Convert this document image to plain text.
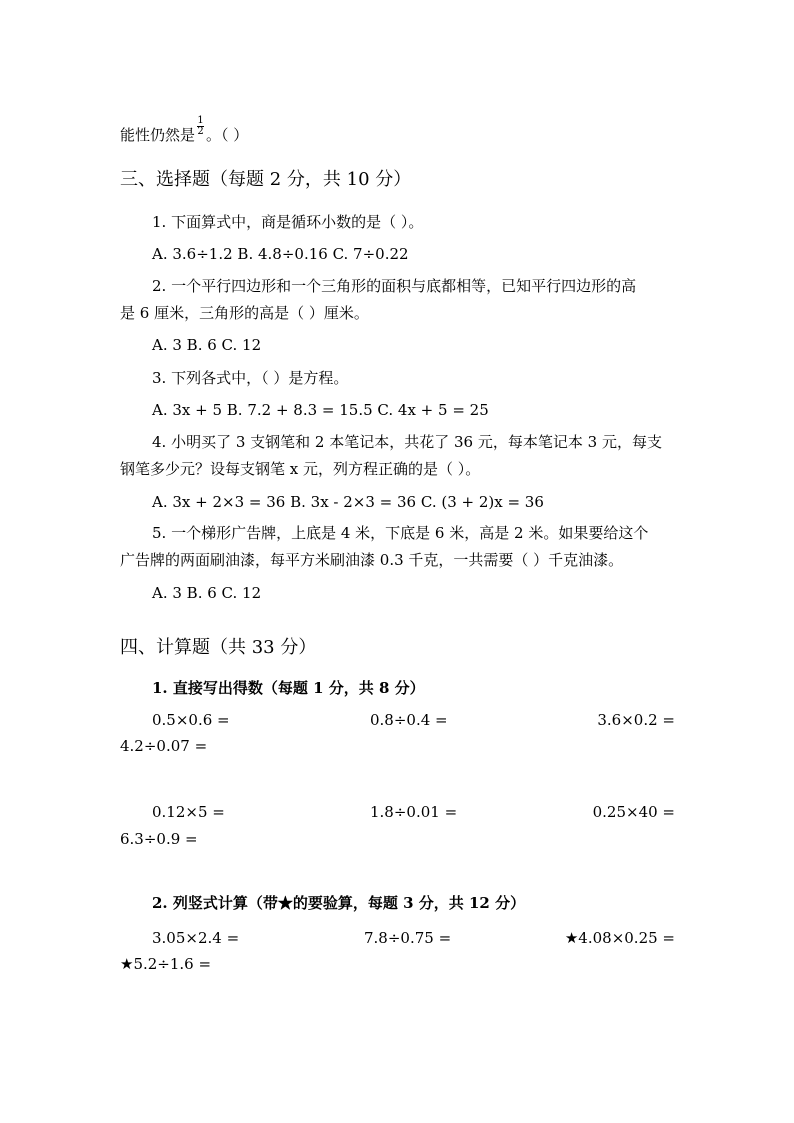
能性仍然是 $\frac{1}{2}$ 。（ ）
三、选择题（每题 2 分，共 10 分）
1. 下面算式中，商是循环小数的是（ ）。
A. 3.6÷1.2 B. 4.8÷0.16 C. 7÷0.22
2. 一个平行四边形和一个三角形的面积与底都相等，已知平行四边形的高
是 6 厘米，三角形的高是（ ）厘米。
A. 3 B. 6 C. 12
3. 下列各式中，（ ）是方程。
A. 3x + 5 B. 7.2 + 8.3 = 15.5 C. 4x + 5 = 25
4. 小明买了 3 支钢笔和 2 本笔记本，共花了 36 元，每本笔记本 3 元，每支
钢笔多少元？设每支钢笔 x 元，列方程正确的是（ ）。
A. 3x + 2×3 = 36 B. 3x - 2×3 = 36 C. (3 + 2)x = 36
5. 一个梯形广告牌，上底是 4 米，下底是 6 米，高是 2 米。如果要给这个
广告牌的两面刷油漆，每平方米刷油漆 0.3 千克，一共需要（ ）千克油漆。
A. 3 B. 6 C. 12
四、计算题（共 33 分）
1. 直接写出得数（每题 1 分，共 8 分）
0.5×0.6 =	0.8÷0.4 =	3.6×0.2 =
4.2÷0.07 =
0.12×5 =	1.8÷0.01 =	0.25×40 =
6.3÷0.9 =
2. 列竖式计算（带★的要验算，每题 3 分，共 12 分）
3.05×2.4 =	7.8÷0.75 =	★4.08×0.25 =
★5.2÷1.6 =
